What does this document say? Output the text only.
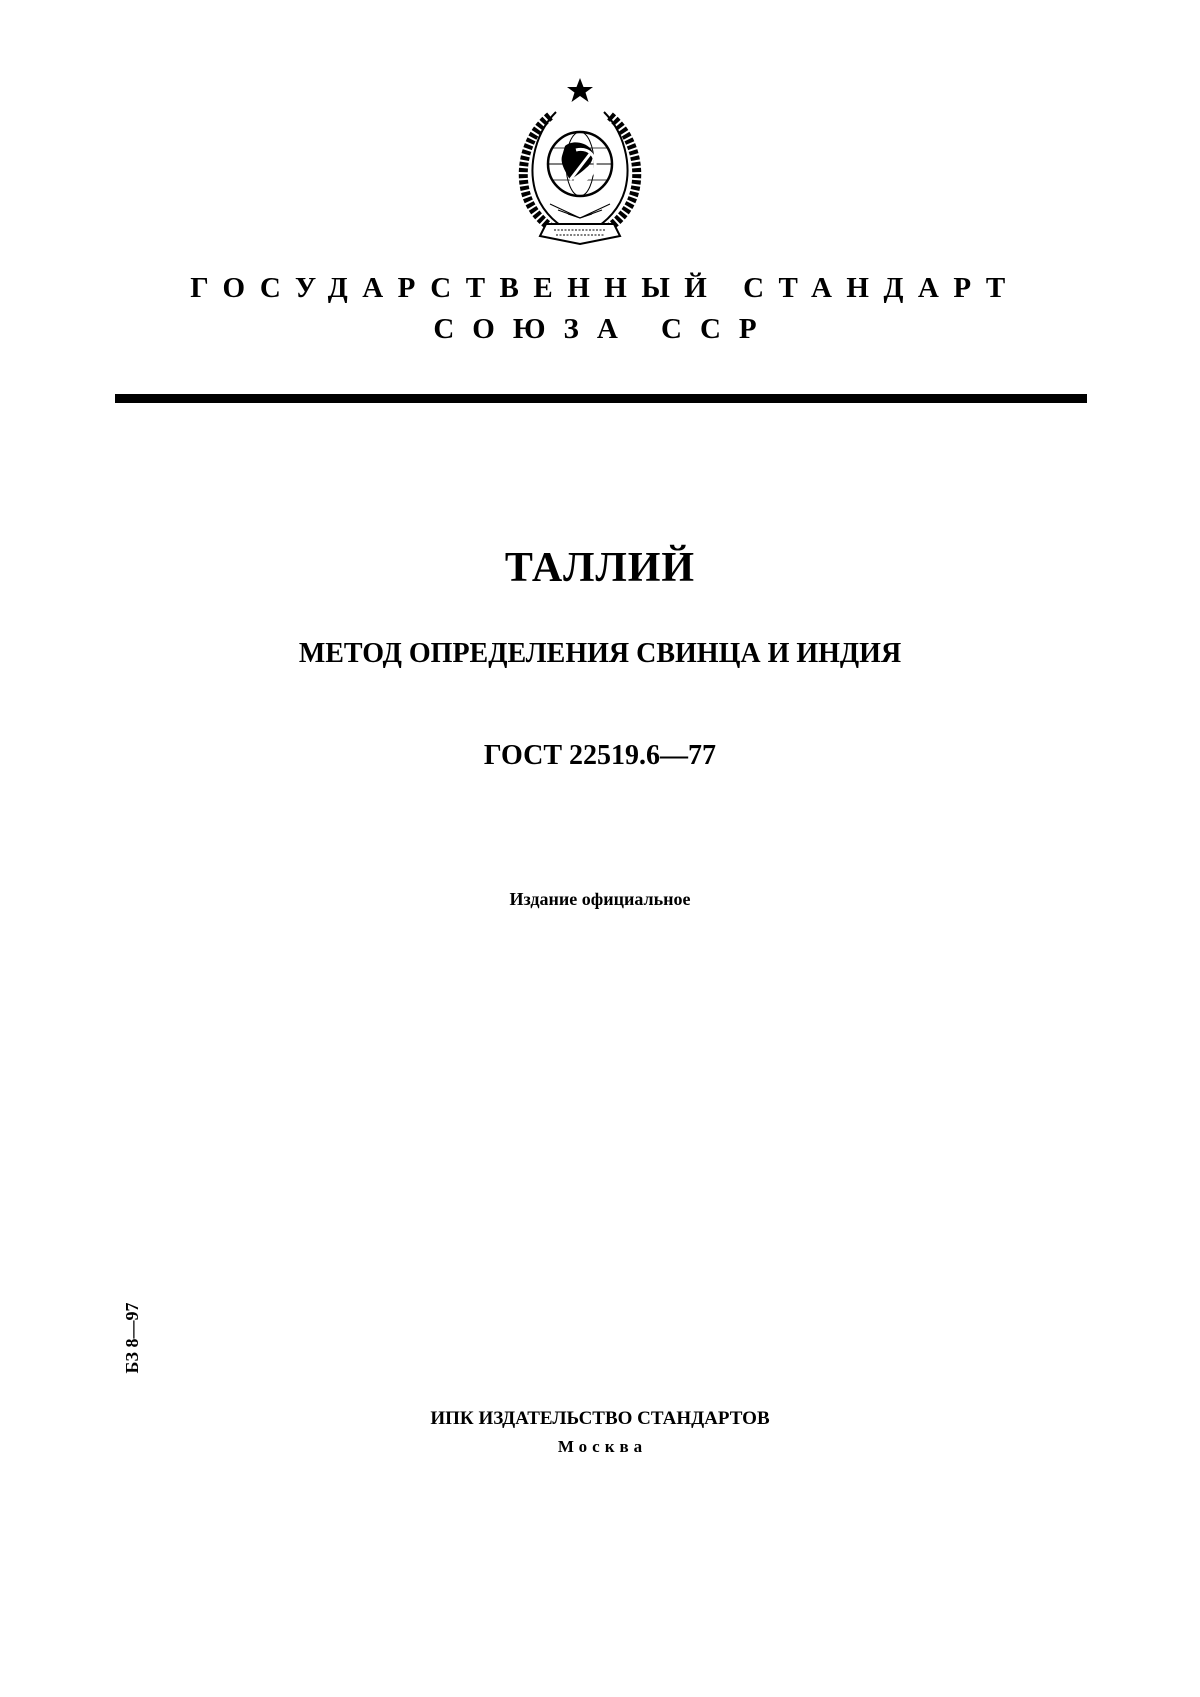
ГОСУДАРСТВЕННЫЙ СТАНДАРТ
СОЮЗА ССР
ТАЛЛИЙ
МЕТОД ОПРЕДЕЛЕНИЯ СВИНЦА И ИНДИЯ
ГОСТ 22519.6—77
Издание официальное
БЗ 8—97
ИПК ИЗДАТЕЛЬСТВО СТАНДАРТОВ
Москва
